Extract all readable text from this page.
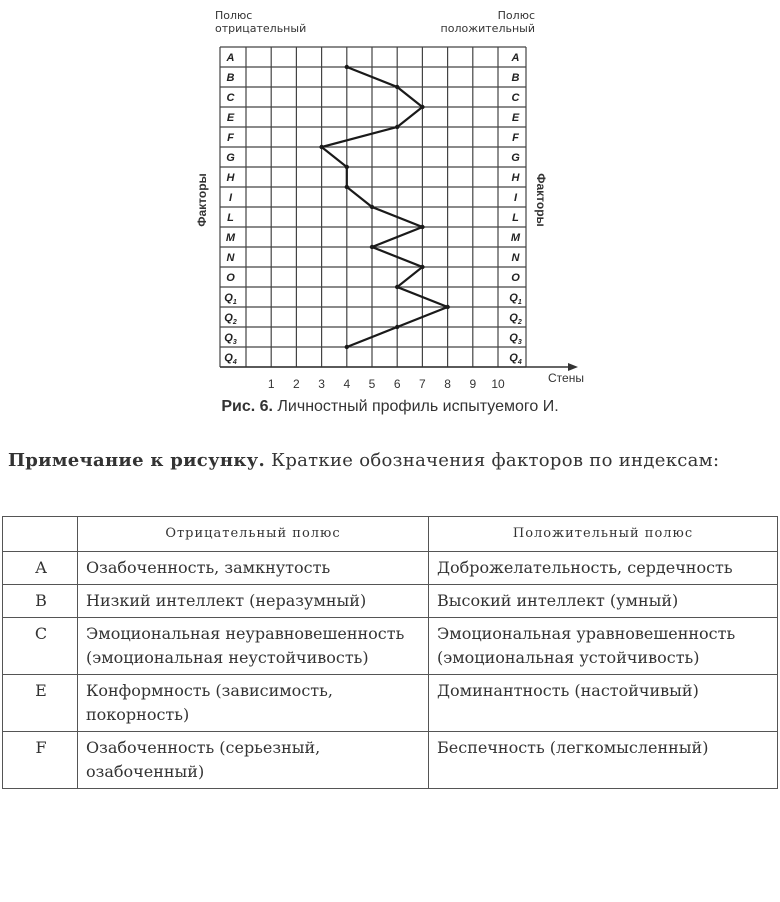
A
B
C
E
F
G
H
I
L
M
N
O
$Q_1$
$Q_2$
$Q_3$
$Q_4$
A
B
C
E
F
G
H
I
L
M
N
O
$Q_1$
$Q_2$
$Q_3$
$Q_4$
1 2 3 4 5 6 7 8 9 10
Факторы	Факторы
Стены
Полюс
отрицательный
Полюс
положительный
Рис. 6. Личностный профиль испытуемого И.

Примечание к рисунку. Краткие обозначения факторов по индексам:

	Отрицательный полюс	Положительный полюс
A	Озабоченность, замкнутость	Доброжелательность, сердечность
B	Низкий интеллект (неразумный)	Высокий интеллект (умный)
C	Эмоциональная неуравновешенность (эмоциональная неустойчивость)	Эмоциональная уравновешенность (эмоциональная устойчивость)
E	Конформность (зависимость, покорность)	Доминантность (настойчивый)
F	Озабоченность (серьезный, озабоченный)	Беспечность (легкомысленный)
